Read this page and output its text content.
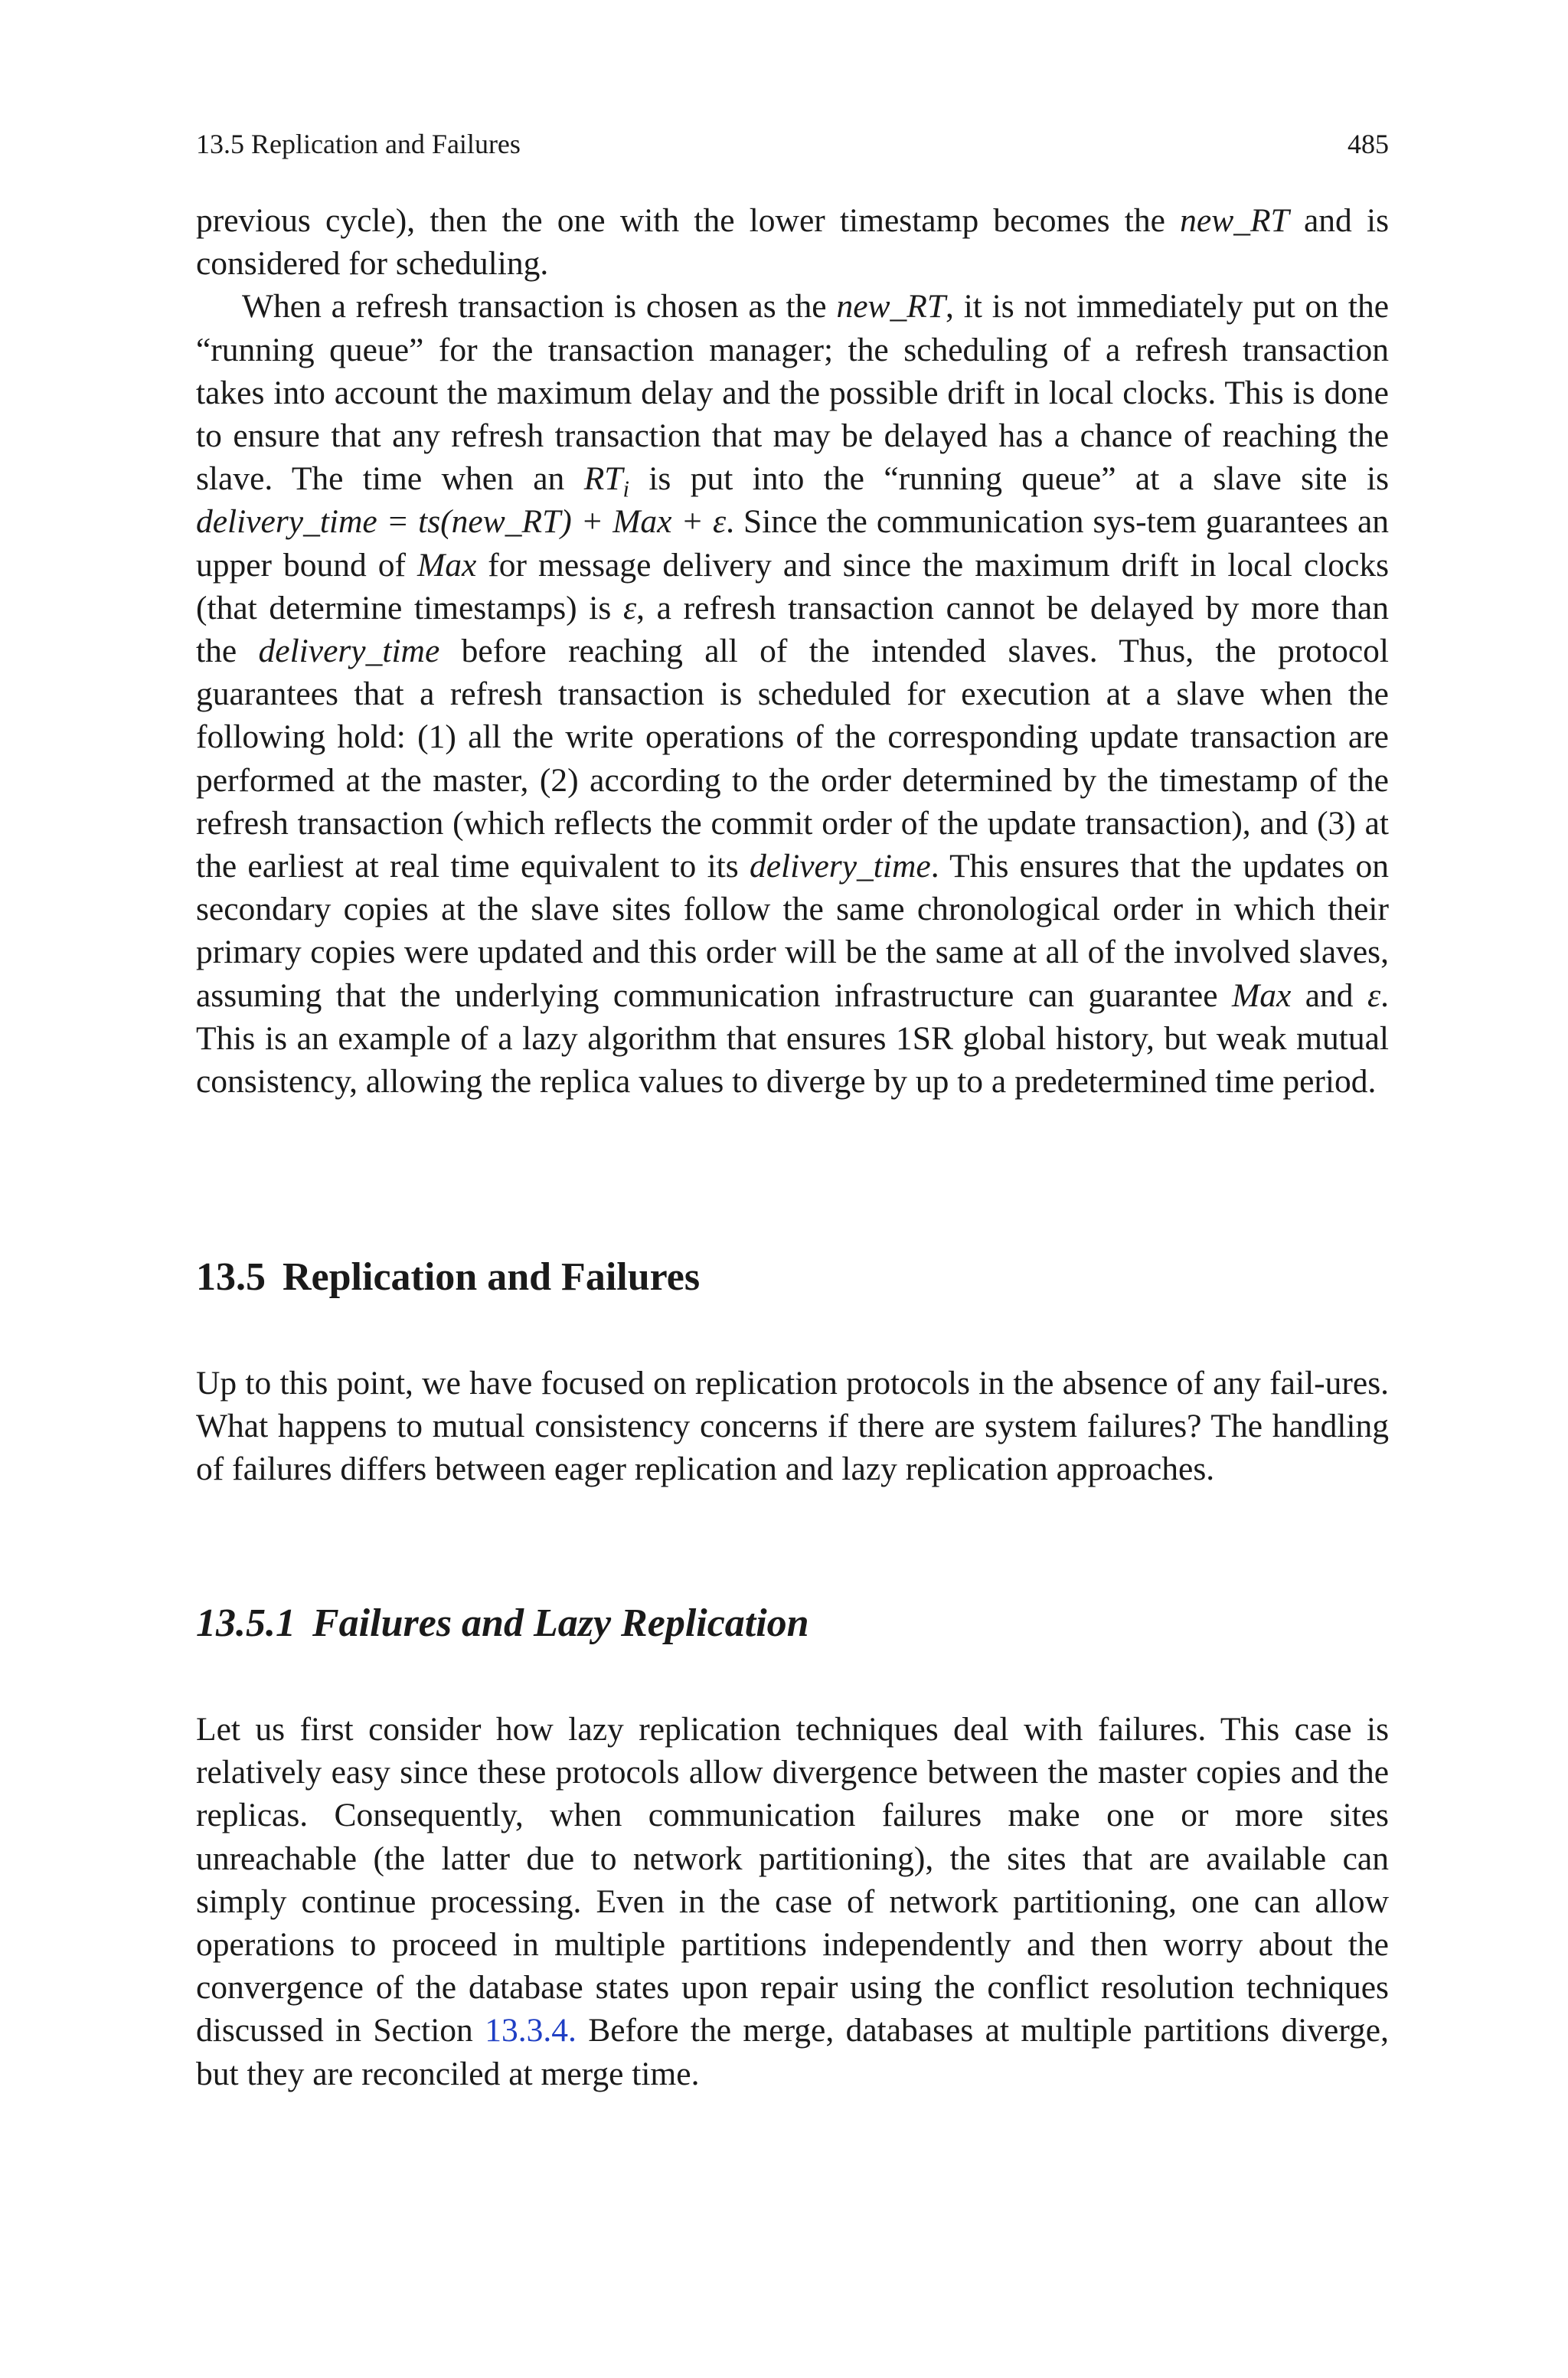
13.5 Replication and Failures	485

previous cycle), then the one with the lower timestamp becomes the new_RT and is considered for scheduling.

When a refresh transaction is chosen as the new_RT, it is not immediately put on the “running queue” for the transaction manager; the scheduling of a refresh transaction takes into account the maximum delay and the possible drift in local clocks. This is done to ensure that any refresh transaction that may be delayed has a chance of reaching the slave. The time when an $RT_i$ is put into the “running queue” at a slave site is delivery_time = ts(new_RT) + Max + ε. Since the communication sys-tem guarantees an upper bound of Max for message delivery and since the maximum drift in local clocks (that determine timestamps) is ε, a refresh transaction cannot be delayed by more than the delivery_time before reaching all of the intended slaves. Thus, the protocol guarantees that a refresh transaction is scheduled for execution at a slave when the following hold: (1) all the write operations of the corresponding update transaction are performed at the master, (2) according to the order determined by the timestamp of the refresh transaction (which reflects the commit order of the update transaction), and (3) at the earliest at real time equivalent to its delivery_time. This ensures that the updates on secondary copies at the slave sites follow the same chronological order in which their primary copies were updated and this order will be the same at all of the involved slaves, assuming that the underlying communication infrastructure can guarantee Max and ε. This is an example of a lazy algorithm that ensures 1SR global history, but weak mutual consistency, allowing the replica values to diverge by up to a predetermined time period.

13.5 Replication and Failures

Up to this point, we have focused on replication protocols in the absence of any fail-ures. What happens to mutual consistency concerns if there are system failures? The handling of failures differs between eager replication and lazy replication approaches.

13.5.1 Failures and Lazy Replication

Let us first consider how lazy replication techniques deal with failures. This case is relatively easy since these protocols allow divergence between the master copies and the replicas. Consequently, when communication failures make one or more sites unreachable (the latter due to network partitioning), the sites that are available can simply continue processing. Even in the case of network partitioning, one can allow operations to proceed in multiple partitions independently and then worry about the convergence of the database states upon repair using the conflict resolution techniques discussed in Section 13.3.4. Before the merge, databases at multiple partitions diverge, but they are reconciled at merge time.
